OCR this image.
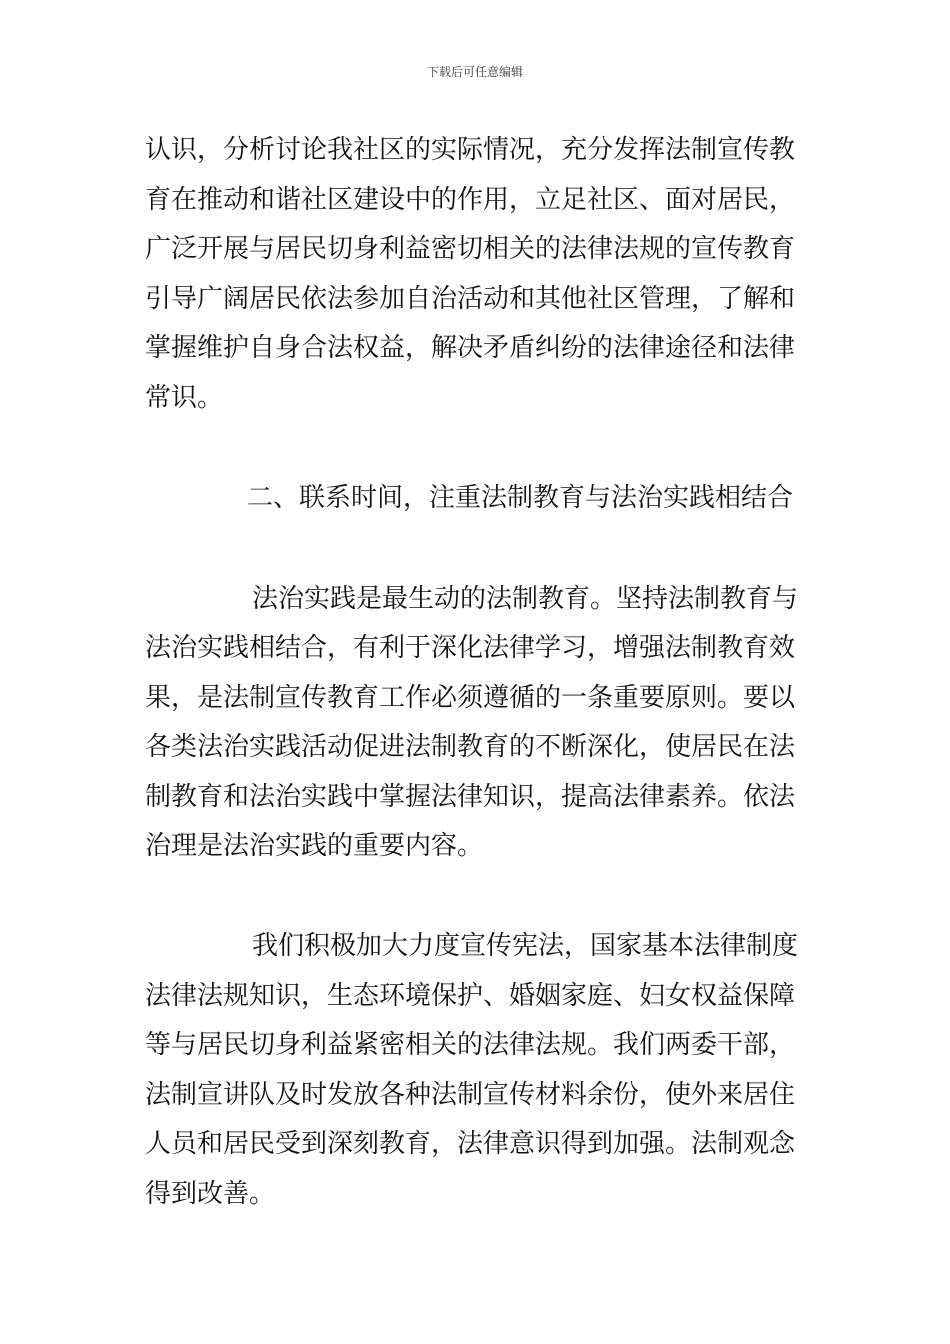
下载后可任意编辑
认识，分析讨论我社区的实际情况，充分发挥法制宣传教
育在推动和谐社区建设中的作用，立足社区、面对居民，
广泛开展与居民切身利益密切相关的法律法规的宣传教育
引导广阔居民依法参加自治活动和其他社区管理，了解和
掌握维护自身合法权益，解决矛盾纠纷的法律途径和法律
常识。
二、联系时间，注重法制教育与法治实践相结合
法治实践是最生动的法制教育。坚持法制教育与
法治实践相结合，有利于深化法律学习，增强法制教育效
果，是法制宣传教育工作必须遵循的一条重要原则。要以
各类法治实践活动促进法制教育的不断深化，使居民在法
制教育和法治实践中掌握法律知识，提高法律素养。依法
治理是法治实践的重要内容。
我们积极加大力度宣传宪法，国家基本法律制度
法律法规知识，生态环境保护、婚姻家庭、妇女权益保障
等与居民切身利益紧密相关的法律法规。我们两委干部，
法制宣讲队及时发放各种法制宣传材料余份，使外来居住
人员和居民受到深刻教育，法律意识得到加强。法制观念
得到改善。
